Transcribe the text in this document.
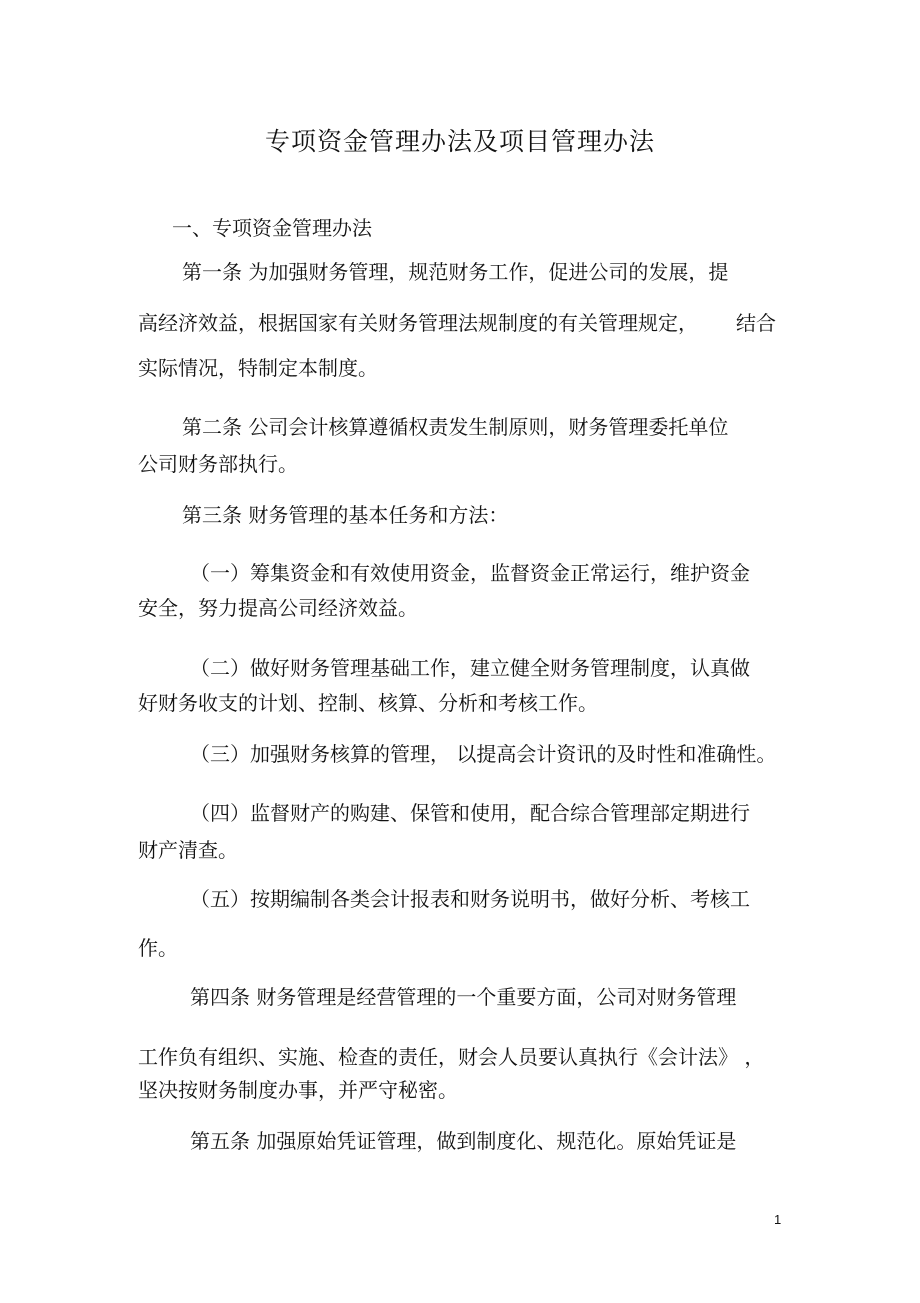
专项资金管理办法及项目管理办法
一、专项资金管理办法
第一条 为加强财务管理，规范财务工作，促进公司的发展，提
高经济效益，根据国家有关财务管理法规制度的有关管理规定， 结合
实际情况，特制定本制度。
第二条 公司会计核算遵循权责发生制原则，财务管理委托单位
公司财务部执行。
第三条 财务管理的基本任务和方法：
（一）筹集资金和有效使用资金，监督资金正常运行，维护资金
安全，努力提高公司经济效益。
（二）做好财务管理基础工作，建立健全财务管理制度，认真做
好财务收支的计划、控制、核算、分析和考核工作。
（三）加强财务核算的管理， 以提高会计资讯的及时性和准确性。
（四）监督财产的购建、保管和使用，配合综合管理部定期进行
财产清查。
（五）按期编制各类会计报表和财务说明书，做好分析、考核工
作。
第四条 财务管理是经营管理的一个重要方面，公司对财务管理
工作负有组织、实施、检查的责任，财会人员要认真执行《会计法》 ，
坚决按财务制度办事，并严守秘密。
第五条 加强原始凭证管理，做到制度化、规范化。原始凭证是
1
